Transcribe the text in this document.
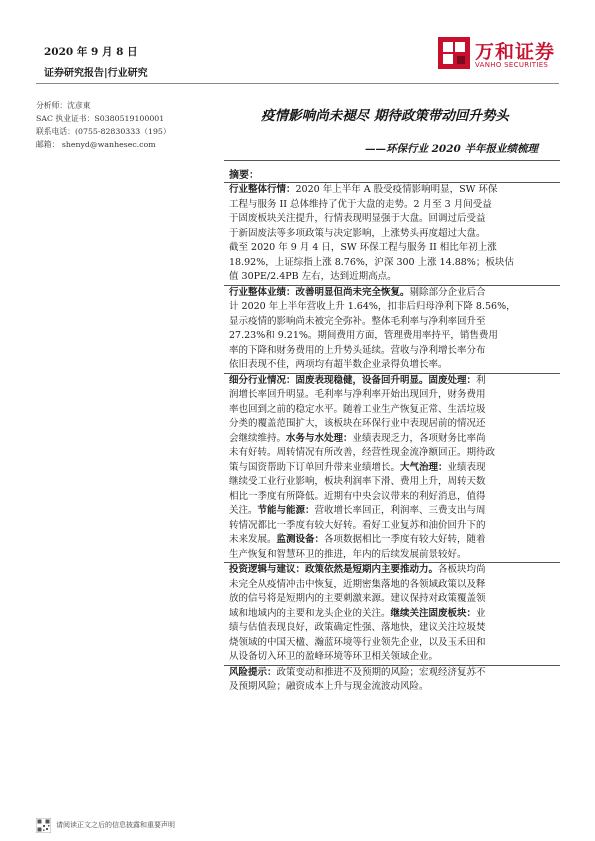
2020 年 9 月 8 日
证券研究报告|行业研究
万和证券
VANHO SECURITIES
分析师：沈彦東
SAC 执业证书：S0380519100001
联系电话：(0755-82830333（195）
邮箱： shenyd@wanhesec.com
疫情影响尚未褪尽 期待政策带动回升势头
——环保行业 2020 半年报业绩梳理
摘要：
行业整体行情：2020 年上半年 A 股受疫情影响明显，SW 环保
工程与服务 II 总体维持了优于大盘的走势。2 月至 3 月间受益
于固废板块关注提升，行情表现明显强于大盘。回调过后受益
于新固废法等多项政策与决定影响，上涨势头再度超过大盘。
截至 2020 年 9 月 4 日，SW 环保工程与服务 II 相比年初上涨
18.92%，上证综指上涨 8.76%，沪深 300 上涨 14.88%；板块估
值 30PE/2.4PB 左右，达到近期高点。
行业整体业绩：改善明显但尚未完全恢复。剔除部分企业后合
计 2020 年上半年营收上升 1.64%，扣非后归母净利下降 8.56%，
显示疫情的影响尚未被完全弥补。整体毛利率与净利率回升至
27.23%和 9.21%。期间费用方面，管理费用率持平，销售费用
率的下降和财务费用的上升势头延续。营收与净利增长率分布
依旧表现不佳，两项均有超半数企业录得负增长率。
细分行业情况：固废表现稳健，设备回升明显。固废处理：利
润增长率回升明显。毛利率与净利率开始出现回升，财务费用
率也回到之前的稳定水平。随着工业生产恢复正常、生活垃圾
分类的覆盖范围扩大，该板块在环保行业中表现居前的情况还
会继续维持。水务与水处理：业绩表现乏力，各项财务比率尚
未有好转。周转情况有所改善，经营性现金流净额回正。期待政
策与国资帮助下订单回升带来业绩增长。大气治理：业绩表现
继续受工业行业影响，板块利润率下滑、费用上升，周转天数
相比一季度有所降低。近期有中央会议带来的利好消息，值得
关注。节能与能源：营收增长率回正，利润率、三费支出与周
转情况都比一季度有较大好转。看好工业复苏和油价回升下的
未来发展。监测设备：各项数据相比一季度有较大好转，随着
生产恢复和智慧环卫的推进，年内的后续发展前景较好。
投资逻辑与建议：政策依然是短期内主要推动力。各板块均尚
未完全从疫情冲击中恢复，近期密集落地的各领域政策以及释
放的信号将是短期内的主要刺激来源。建议保持对政策覆盖领
域和地域内的主要和龙头企业的关注。继续关注固废板块：业
绩与估值表现良好，政策确定性强、落地快，建议关注垃圾焚
烧领域的中国天楹、瀚蓝环境等行业领先企业，以及玉禾田和
从设备切入环卫的盈峰环境等环卫相关领域企业。
风险提示：政策变动和推进不及预期的风险；宏观经济复苏不
及预期风险；融资成本上升与现金流波动风险。
请阅读正文之后的信息披露和重要声明
